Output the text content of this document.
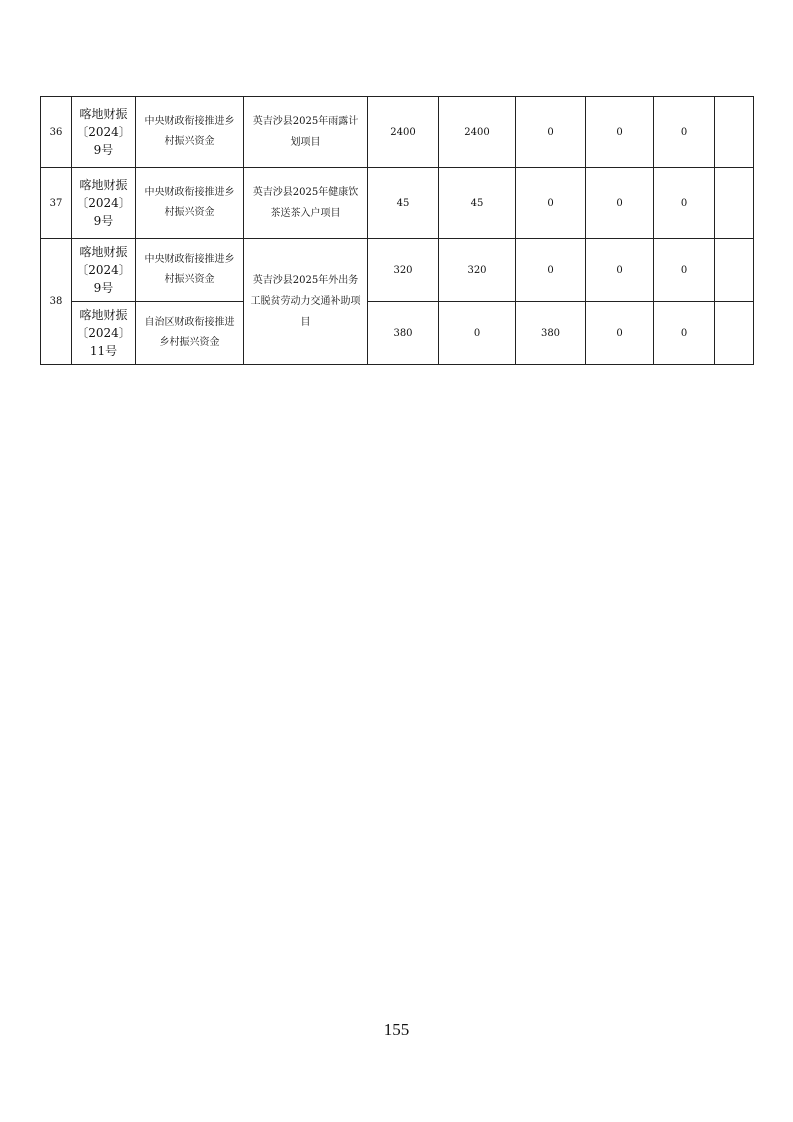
36	喀地财振〔2024〕9号	中央财政衔接推进乡村振兴资金	英吉沙县2025年雨露计划项目	2400	2400	0	0	0	
37	喀地财振〔2024〕9号	中央财政衔接推进乡村振兴资金	英吉沙县2025年健康饮茶送茶入户项目	45	45	0	0	0	
38	喀地财振〔2024〕9号	中央财政衔接推进乡村振兴资金	英吉沙县2025年外出务工脱贫劳动力交通补助项目	320	320	0	0	0	
	喀地财振〔2024〕11号	自治区财政衔接推进乡村振兴资金		380	0	380	0	0	
155
